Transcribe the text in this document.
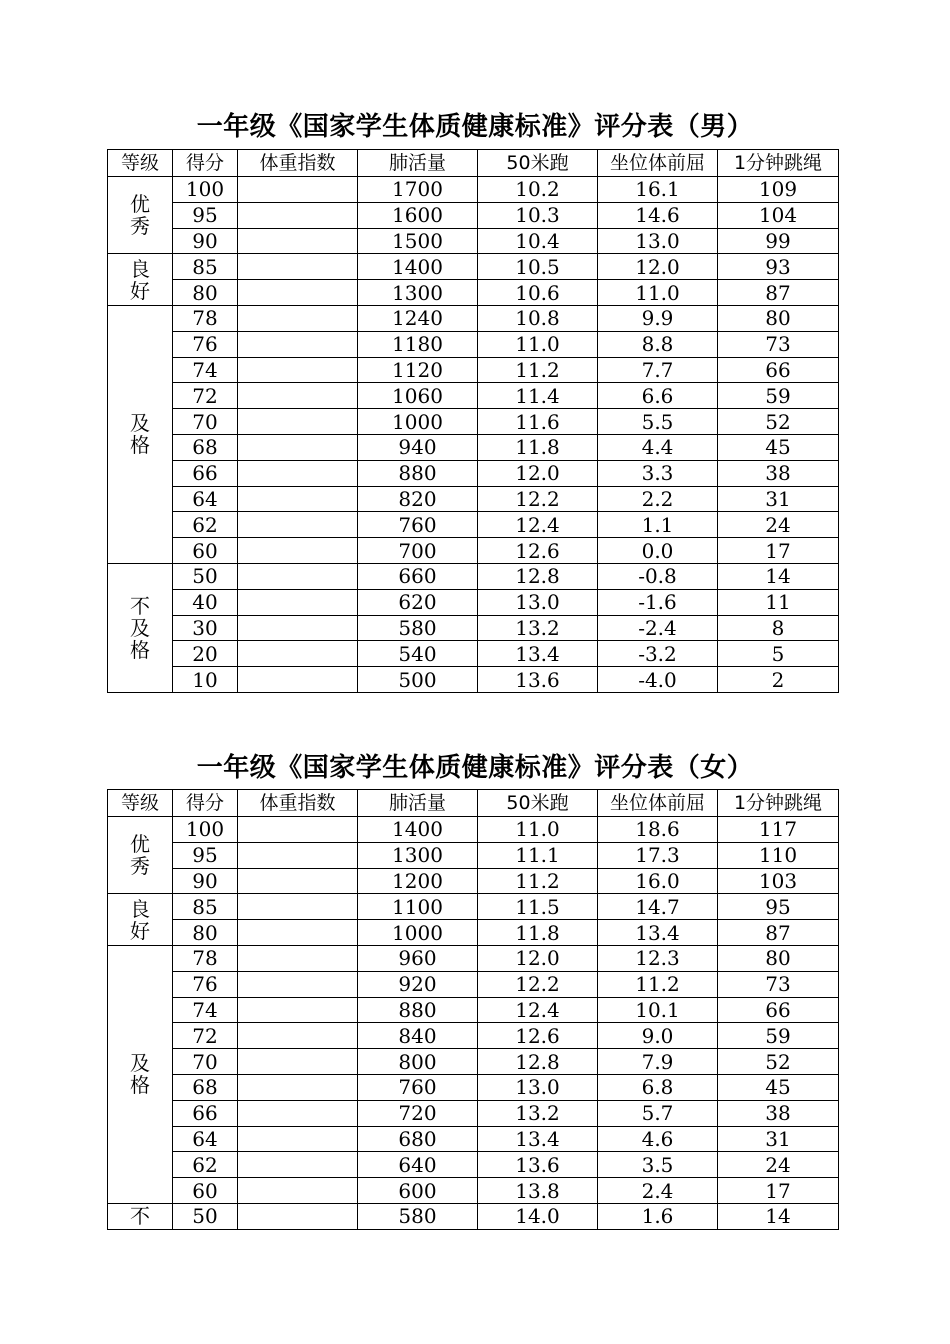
一年级《国家学生体质健康标准》评分表（男）
等级	得分	体重指数	肺活量	50米跑	坐位体前屈	1分钟跳绳
优秀	100		1700	10.2	16.1	109
	95		1600	10.3	14.6	104
	90		1500	10.4	13.0	99
良好	85		1400	10.5	12.0	93
	80		1300	10.6	11.0	87
及格	78		1240	10.8	9.9	80
	76		1180	11.0	8.8	73
	74		1120	11.2	7.7	66
	72		1060	11.4	6.6	59
	70		1000	11.6	5.5	52
	68		940	11.8	4.4	45
	66		880	12.0	3.3	38
	64		820	12.2	2.2	31
	62		760	12.4	1.1	24
	60		700	12.6	0.0	17
不及格	50		660	12.8	-0.8	14
	40		620	13.0	-1.6	11
	30		580	13.2	-2.4	8
	20		540	13.4	-3.2	5
	10		500	13.6	-4.0	2
一年级《国家学生体质健康标准》评分表（女）
等级	得分	体重指数	肺活量	50米跑	坐位体前屈	1分钟跳绳
优秀	100		1400	11.0	18.6	117
	95		1300	11.1	17.3	110
	90		1200	11.2	16.0	103
良好	85		1100	11.5	14.7	95
	80		1000	11.8	13.4	87
及格	78		960	12.0	12.3	80
	76		920	12.2	11.2	73
	74		880	12.4	10.1	66
	72		840	12.6	9.0	59
	70		800	12.8	7.9	52
	68		760	13.0	6.8	45
	66		720	13.2	5.7	38
	64		680	13.4	4.6	31
	62		640	13.6	3.5	24
	60		600	13.8	2.4	17
不	50		580	14.0	1.6	14
